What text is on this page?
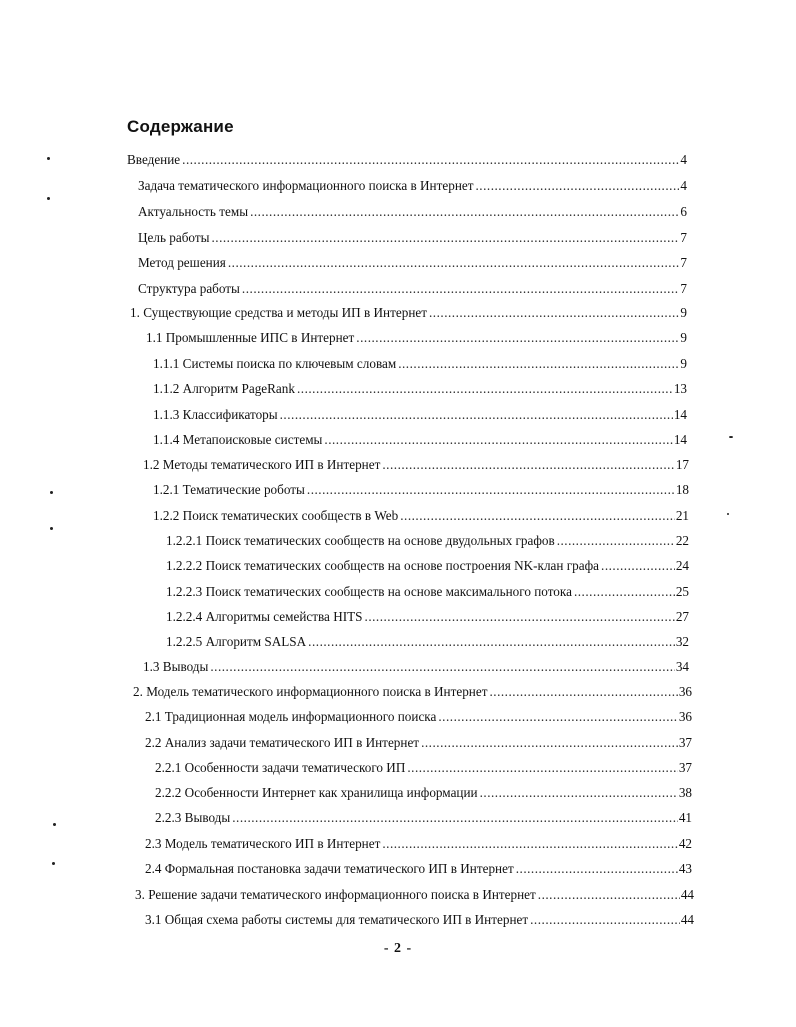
Содержание
Введение .....	4
Задача тематического информационного поиска в Интернет .....	4
Актуальность темы .....	6
Цель работы .....	7
Метод решения .....	7
Структура работы .....	7
1. Существующие средства и методы ИП в Интернет .....	9
1.1 Промышленные ИПС в Интернет .....	9
1.1.1 Системы поиска по ключевым словам .....	9
1.1.2 Алгоритм PageRank .....	13
1.1.3 Классификаторы .....	14
1.1.4 Метапоисковые системы .....	14
1.2 Методы тематического ИП в Интернет .....	17
1.2.1 Тематические роботы .....	18
1.2.2 Поиск тематических сообществ в Web .....	21
1.2.2.1 Поиск тематических сообществ на основе двудольных графов .....	22
1.2.2.2 Поиск тематических сообществ на основе построения NK-клан графа .....	24
1.2.2.3 Поиск тематических сообществ на основе максимального потока .....	25
1.2.2.4 Алгоритмы семейства HITS .....	27
1.2.2.5 Алгоритм SALSA .....	32
1.3 Выводы .....	34
2. Модель тематического информационного поиска в Интернет .....	36
2.1 Традиционная модель информационного поиска .....	36
2.2 Анализ задачи тематического ИП в Интернет .....	37
2.2.1 Особенности задачи тематического ИП .....	37
2.2.2 Особенности Интернет как хранилища информации .....	38
2.2.3 Выводы .....	41
2.3 Модель тематического ИП в Интернет .....	42
2.4 Формальная постановка задачи тематического ИП в Интернет .....	43
3. Решение задачи тематического информационного поиска в Интернет .....	44
3.1 Общая схема работы системы для тематического ИП в Интернет .....	44
- 2 -
